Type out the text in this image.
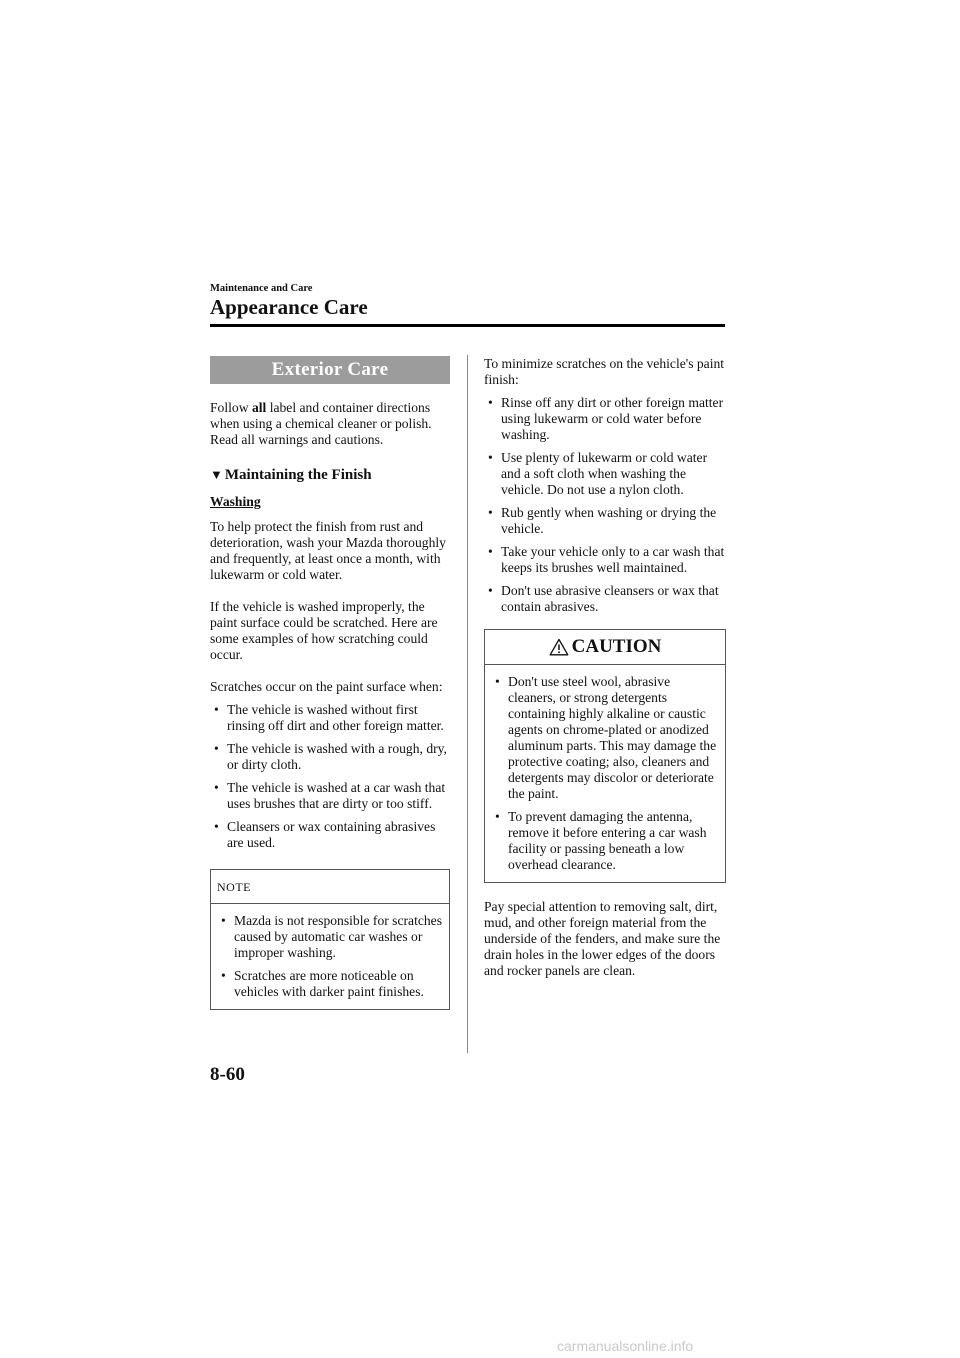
Maintenance and Care
Appearance Care
Exterior Care

Follow all label and container directions when using a chemical cleaner or polish. Read all warnings and cautions.

▼ Maintaining the Finish
Washing

To help protect the finish from rust and deterioration, wash your Mazda thoroughly and frequently, at least once a month, with lukewarm or cold water.

If the vehicle is washed improperly, the paint surface could be scratched. Here are some examples of how scratching could occur.

Scratches occur on the paint surface when:

• The vehicle is washed without first rinsing off dirt and other foreign matter.
• The vehicle is washed with a rough, dry, or dirty cloth.
• The vehicle is washed at a car wash that uses brushes that are dirty or too stiff.
• Cleansers or wax containing abrasives are used.
NOTE
• Mazda is not responsible for scratches caused by automatic car washes or improper washing.
• Scratches are more noticeable on vehicles with darker paint finishes.

To minimize scratches on the vehicle's paint finish:

• Rinse off any dirt or other foreign matter using lukewarm or cold water before washing.
• Use plenty of lukewarm or cold water and a soft cloth when washing the vehicle. Do not use a nylon cloth.
• Rub gently when washing or drying the vehicle.
• Take your vehicle only to a car wash that keeps its brushes well maintained.
• Don't use abrasive cleansers or wax that contain abrasives.
CAUTION
• Don't use steel wool, abrasive cleaners, or strong detergents containing highly alkaline or caustic agents on chrome-plated or anodized aluminum parts. This may damage the protective coating; also, cleaners and detergents may discolor or deteriorate the paint.
• To prevent damaging the antenna, remove it before entering a car wash facility or passing beneath a low overhead clearance.

Pay special attention to removing salt, dirt, mud, and other foreign material from the underside of the fenders, and make sure the drain holes in the lower edges of the doors and rocker panels are clean.

8-60
carmanualsonline.info
